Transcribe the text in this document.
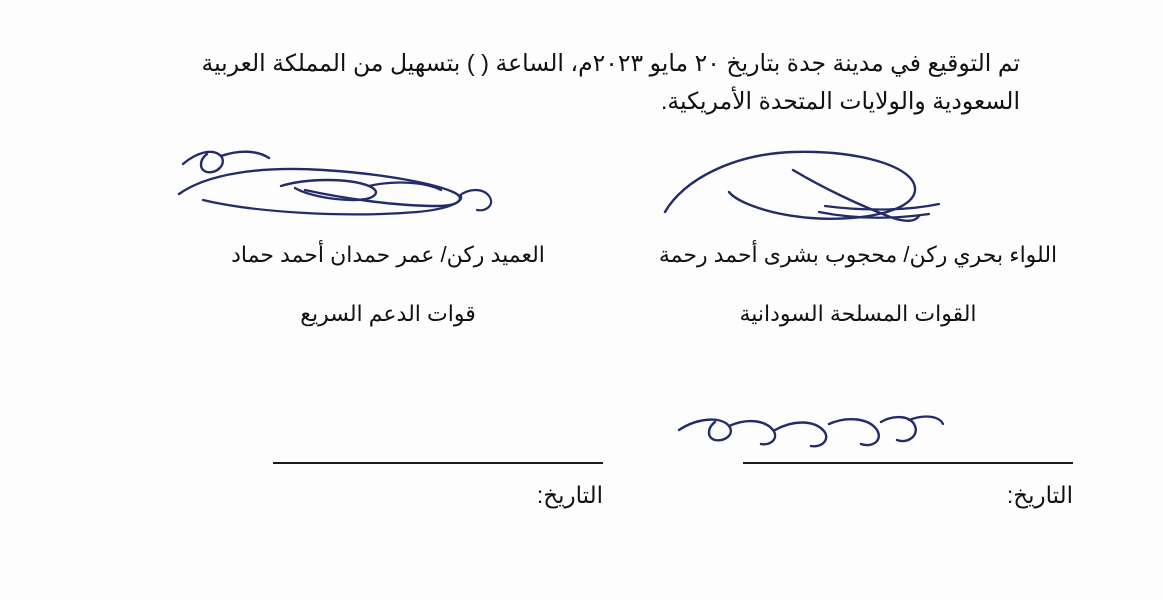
تم التوقيع في مدينة جدة بتاريخ ٢٠ مايو ٢٠٢٣م، الساعة ( ) بتسهيل من المملكة العربية السعودية والولايات المتحدة الأمريكية.
اللواء بحري ركن/ محجوب بشرى أحمد رحمة
القوات المسلحة السودانية
العميد ركن/ عمر حمدان أحمد حماد
قوات الدعم السريع
التاريخ:
التاريخ:
